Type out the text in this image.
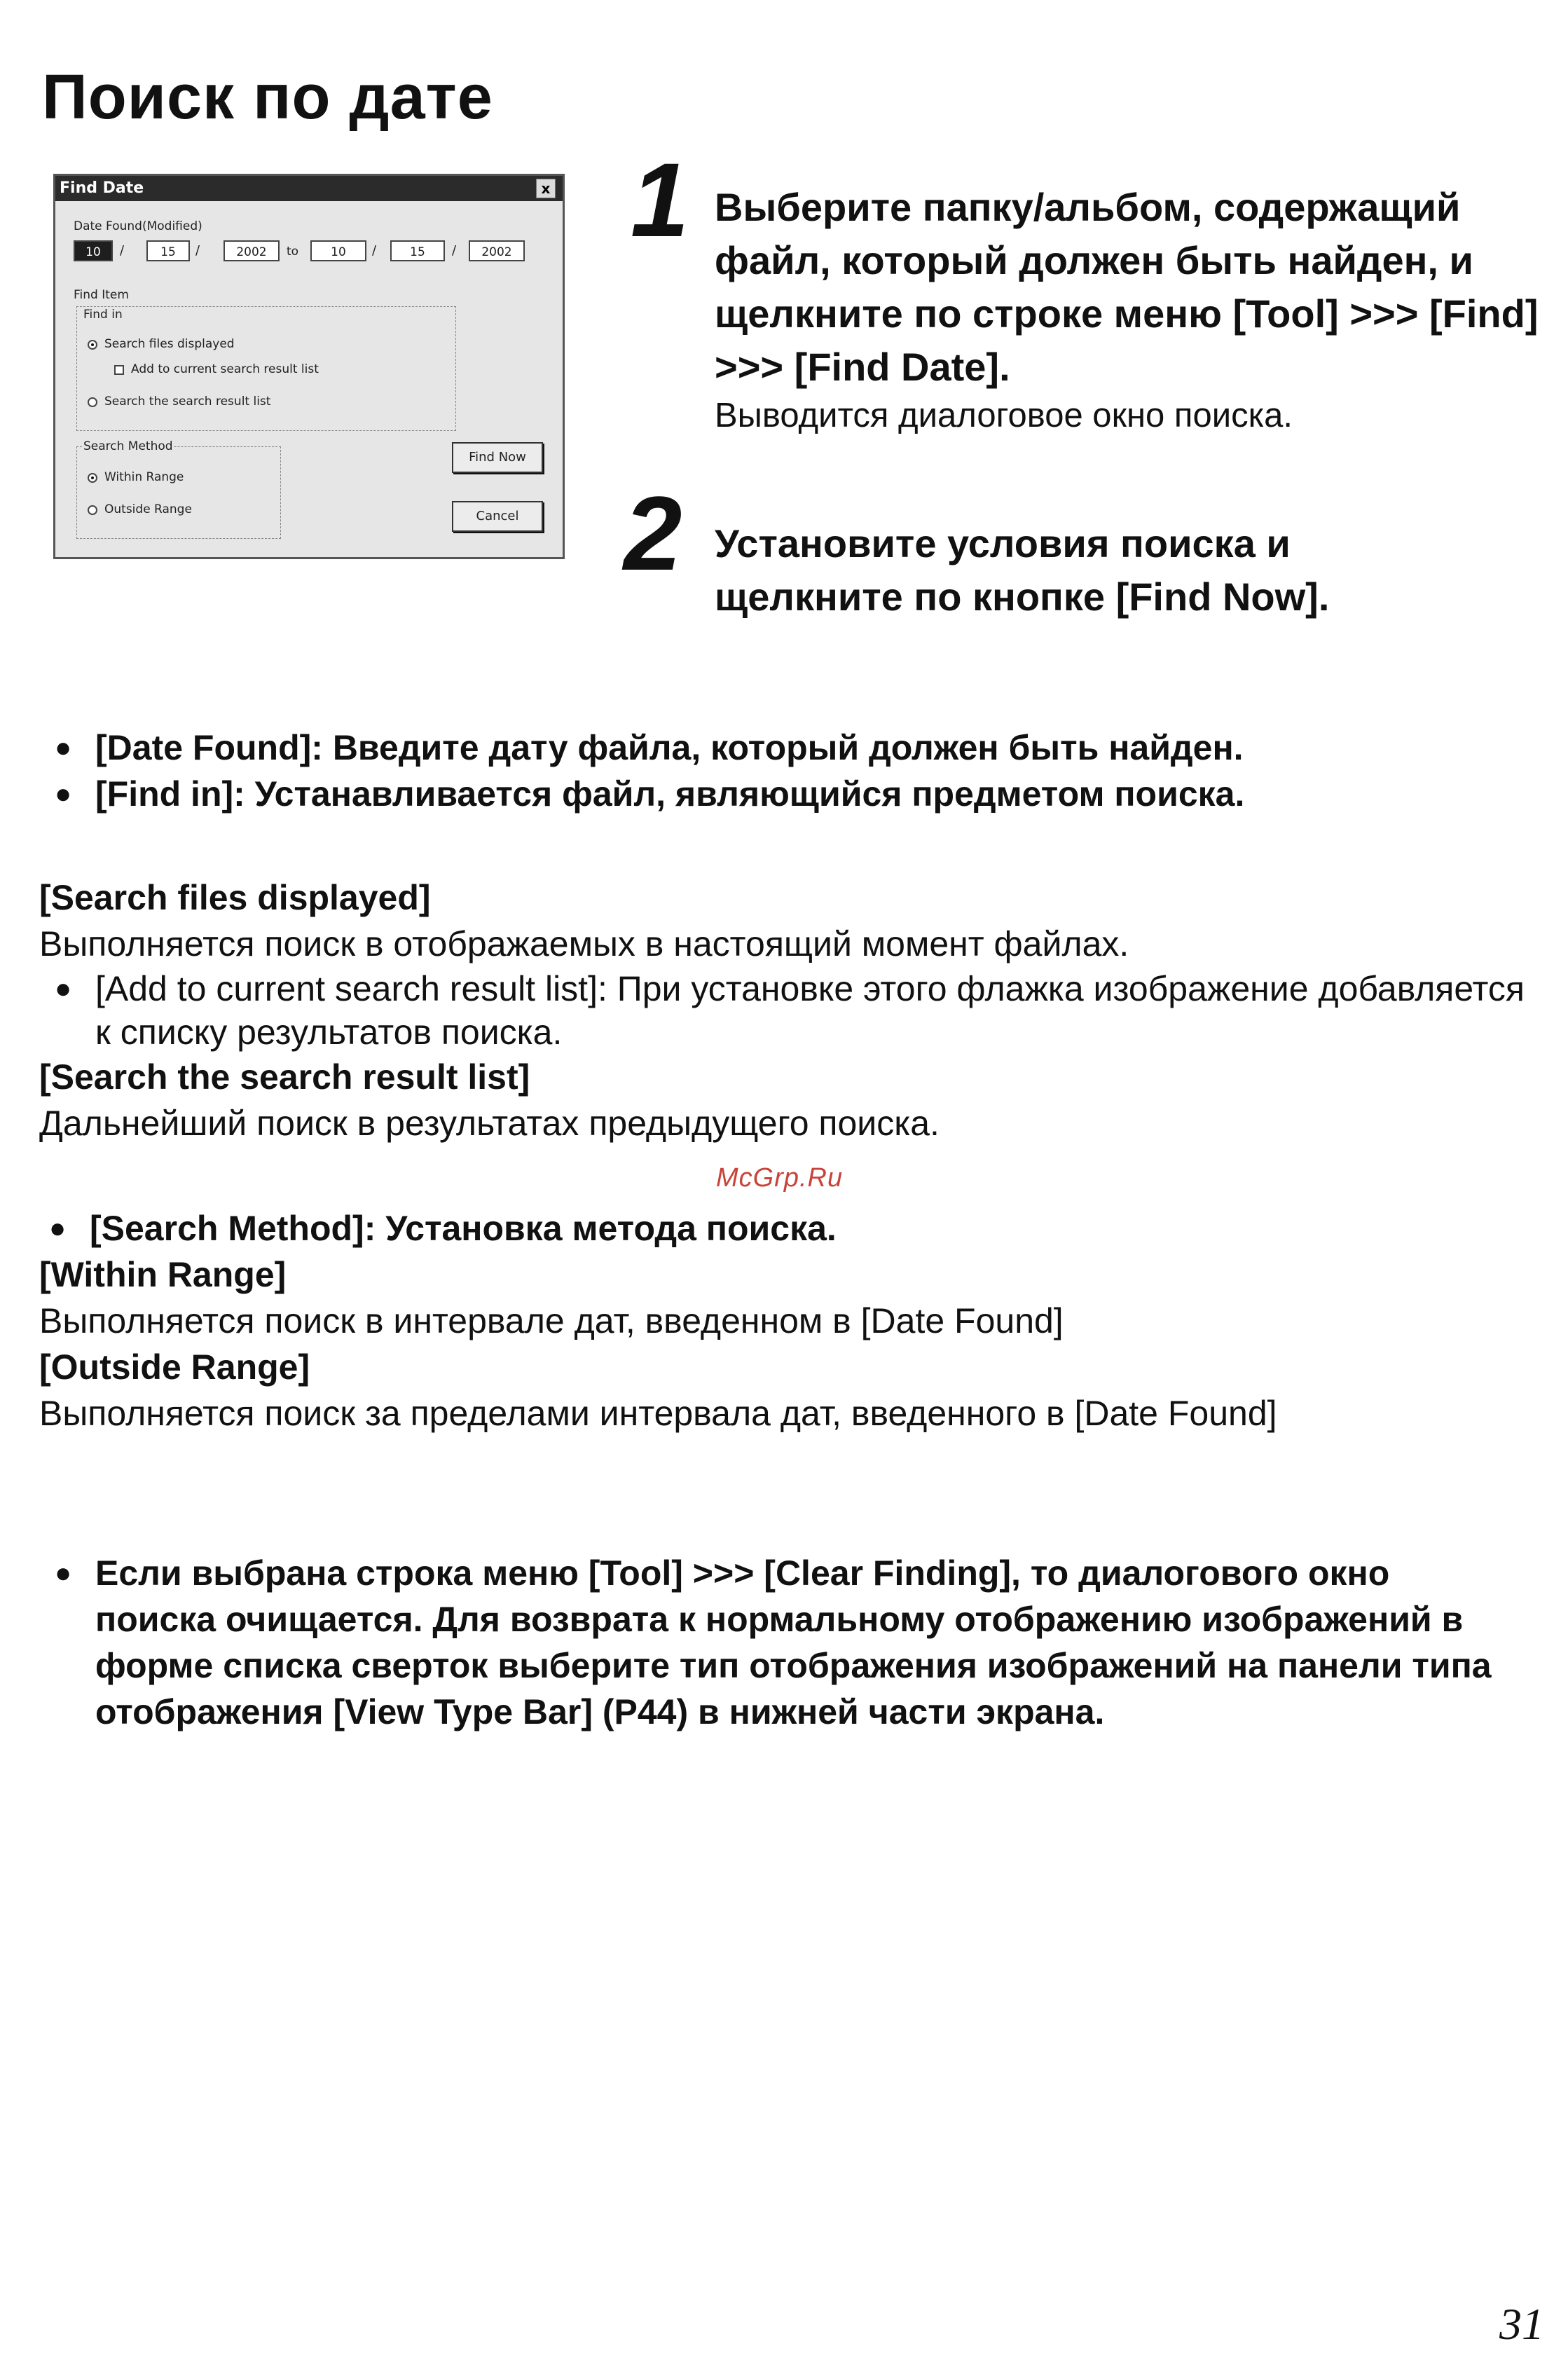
Поиск по дате
Find Date	x
Date Found(Modified)
10	/	15	/	2002	to	10	/	15	/	2002
Find Item
Find in
Search files displayed
Add to current search result list
Search the search result list
Search Method
Within Range
Outside Range
Find Now
Cancel
1 Выберите папку/альбом, содержащий файл, который должен быть найден, и щелкните по строке меню [Tool] >>> [Find] >>> [Find Date].
Выводится диалоговое окно поиска.
2 Установите условия поиска и щелкните по кнопке [Find Now].
● [Date Found]: Введите дату файла, который должен быть найден.
● [Find in]: Устанавливается файл, являющийся предметом поиска.
[Search files displayed]
Выполняется поиск в отображаемых в настоящий момент файлах.
● [Add to current search result list]: При установке этого флажка изображение добавляется к списку результатов поиска.
[Search the search result list]
Дальнейший поиск в результатах предыдущего поиска.
McGrp.Ru
● [Search Method]: Установка метода поиска.
[Within Range]
Выполняется поиск в интервале дат, введенном в [Date Found]
[Outside Range]
Выполняется поиск за пределами интервала дат, введенного в [Date Found]
● Если выбрана строка меню [Tool] >>> [Clear Finding], то диалогового окно поиска очищается. Для возврата к нормальному отображению изображений в форме списка сверток выберите тип отображения изображений на панели типа отображения [View Type Bar] (P44) в нижней части экрана.
31
